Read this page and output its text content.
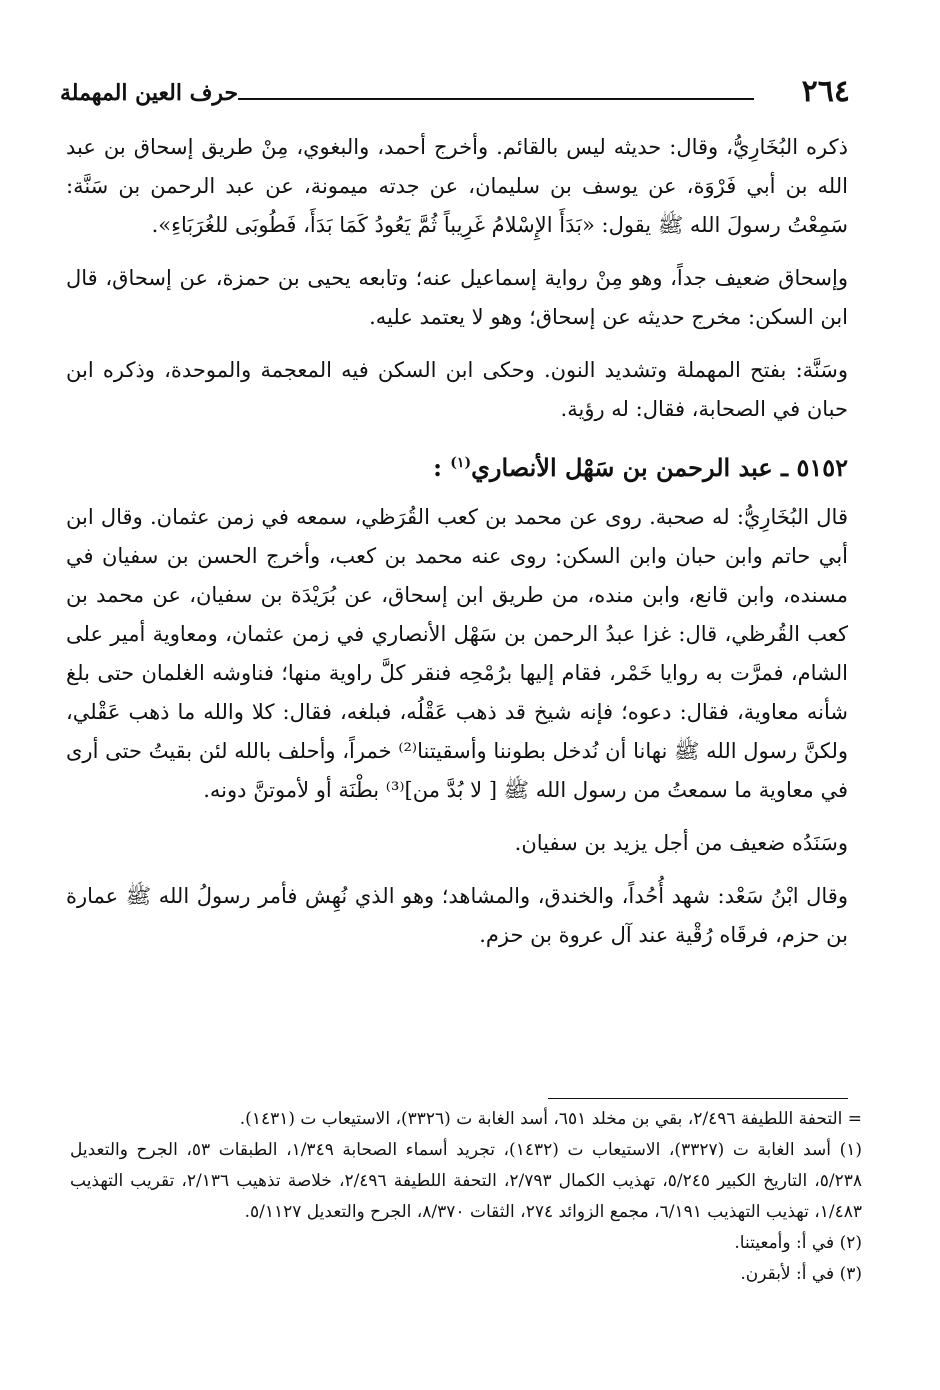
٢٦٤
حرف العين المهملة

ذكره البُخَارِيُّ، وقال: حديثه ليس بالقائم. وأخرج أحمد، والبغوي، مِنْ طريق إسحاق بن عبد الله بن أبي فَرْوَة، عن يوسف بن سليمان، عن جدته ميمونة، عن عبد الرحمن بن سَنَّة: سَمِعْتُ رسولَ الله ﷺ يقول: «بَدَأَ الإِسْلامُ غَرِيباً ثُمَّ يَعُودُ كَمَا بَدَأَ، فَطُوبَى للغُرَبَاءِ».

وإسحاق ضعيف جداً، وهو مِنْ رواية إسماعيل عنه؛ وتابعه يحيى بن حمزة، عن إسحاق، قال ابن السكن: مخرج حديثه عن إسحاق؛ وهو لا يعتمد عليه.

وسَنَّة: بفتح المهملة وتشديد النون. وحكى ابن السكن فيه المعجمة والموحدة، وذكره ابن حبان في الصحابة، فقال: له رؤية.

٥١٥٢ ـ عبد الرحمن بن سَهْل الأنصاري$^{(١)}$ :

قال البُخَارِيُّ: له صحبة. روى عن محمد بن كعب القُرَظي، سمعه في زمن عثمان. وقال ابن أبي حاتم وابن حبان وابن السكن: روى عنه محمد بن كعب، وأخرج الحسن بن سفيان في مسنده، وابن قانع، وابن منده، من طريق ابن إسحاق، عن بُرَيْدَة بن سفيان، عن محمد بن كعب القُرظي، قال: غزا عبدُ الرحمن بن سَهْل الأنصاري في زمن عثمان، ومعاوية أمير على الشام، فمرَّت به روايا خَمْر، فقام إليها برُمْحِه فنقر كلَّ راوية منها؛ فناوشه الغلمان حتى بلغ شأنه معاوية، فقال: دعوه؛ فإنه شيخ قد ذهب عَقْلُه، فبلغه، فقال: كلا والله ما ذهب عَقْلي، ولكنَّ رسول الله ﷺ نهانا أن نُدخل بطوننا وأسقيتنا⁽²⁾ خمراً، وأحلف بالله لئن بقيتُ حتى أرى في معاوية ما سمعتُ من رسول الله ﷺ [ لا بُدَّ من]⁽³⁾ بطْنَة أو لأموتنَّ دونه.

وسَنَدُه ضعيف من أجل يزيد بن سفيان.

وقال ابْنُ سَعْد: شهد أُحُداً، والخندق، والمشاهد؛ وهو الذي نُهِش فأمر رسولُ الله ﷺ عمارة بن حزم، فرقَاه رُقْية عند آل عروة بن حزم.

= التحفة اللطيفة ٢/٤٩٦، بقي بن مخلد ٦٥١، أسد الغابة ت (٣٣٢٦)، الاستيعاب ت (١٤٣١).

(١) أسد الغابة ت (٣٣٢٧)، الاستيعاب ت (١٤٣٢)، تجريد أسماء الصحابة ١/٣٤٩، الطبقات ٥٣، الجرح والتعديل ٥/٢٣٨، التاريخ الكبير ٥/٢٤٥، تهذيب الكمال ٢/٧٩٣، التحفة اللطيفة ٢/٤٩٦، خلاصة تذهيب ٢/١٣٦، تقريب التهذيب ١/٤٨٣، تهذيب التهذيب ٦/١٩١، مجمع الزوائد ٢٧٤، الثقات ٨/٣٧٠، الجرح والتعديل ٥/١١٢٧.

(٢) في أ: وأمعيتنا.

(٣) في أ: لأبقرن.
